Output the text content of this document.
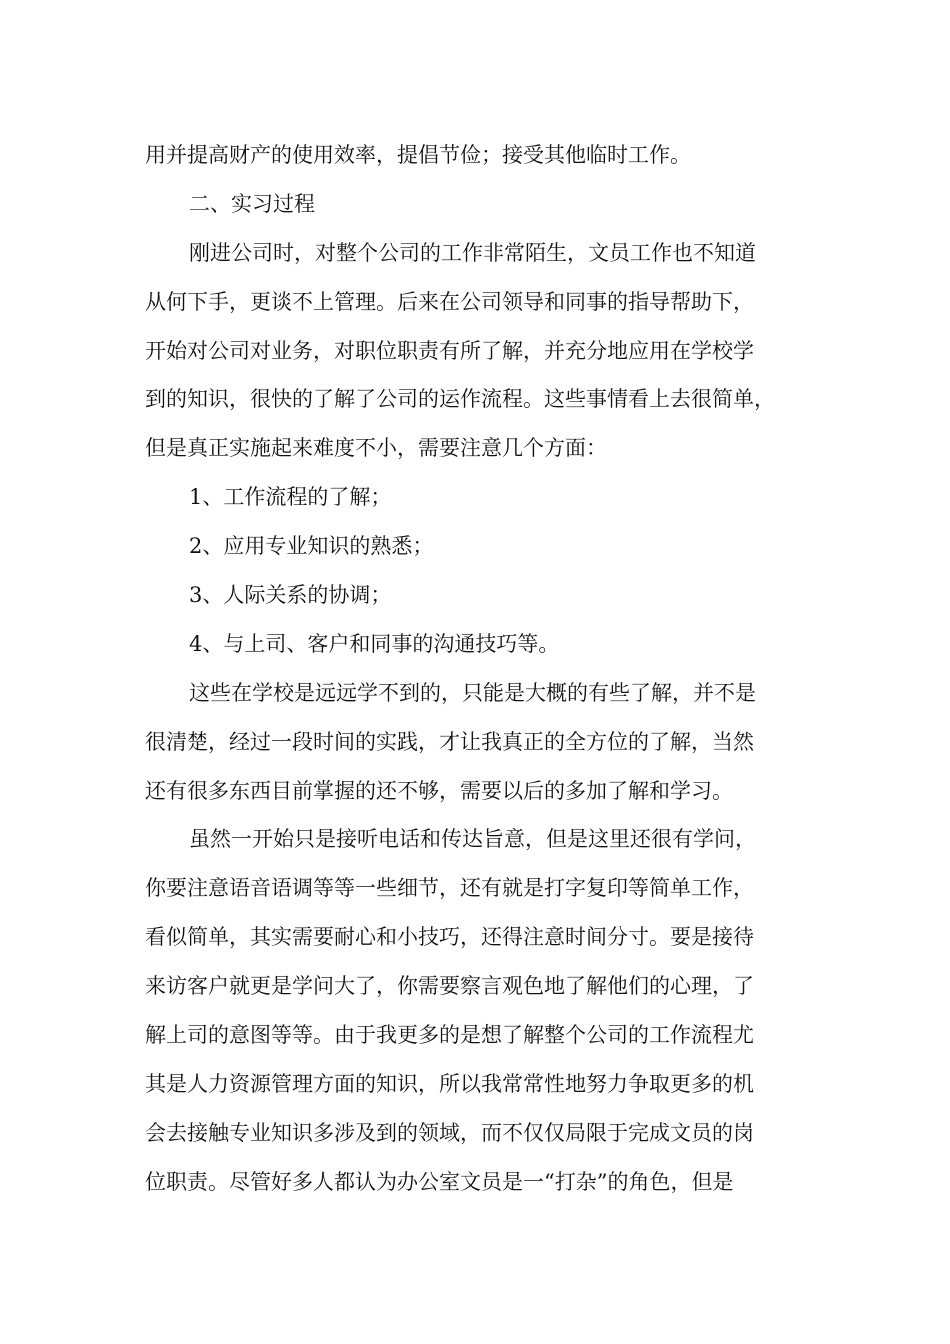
用并提高财产的使用效率，提倡节俭；接受其他临时工作。
二、实习过程
刚进公司时，对整个公司的工作非常陌生，文员工作也不知道
从何下手，更谈不上管理。后来在公司领导和同事的指导帮助下，
开始对公司对业务，对职位职责有所了解，并充分地应用在学校学
到的知识，很快的了解了公司的运作流程。这些事情看上去很简单，
但是真正实施起来难度不小，需要注意几个方面：
1、工作流程的了解；
2、应用专业知识的熟悉；
3、人际关系的协调；
4、与上司、客户和同事的沟通技巧等。
这些在学校是远远学不到的，只能是大概的有些了解，并不是
很清楚，经过一段时间的实践，才让我真正的全方位的了解，当然
还有很多东西目前掌握的还不够，需要以后的多加了解和学习。
虽然一开始只是接听电话和传达旨意，但是这里还很有学问，
你要注意语音语调等等一些细节，还有就是打字复印等简单工作，
看似简单，其实需要耐心和小技巧，还得注意时间分寸。要是接待
来访客户就更是学问大了，你需要察言观色地了解他们的心理，了
解上司的意图等等。由于我更多的是想了解整个公司的工作流程尤
其是人力资源管理方面的知识，所以我常常性地努力争取更多的机
会去接触专业知识多涉及到的领域，而不仅仅局限于完成文员的岗
位职责。尽管好多人都认为办公室文员是一“打杂”的角色，但是
